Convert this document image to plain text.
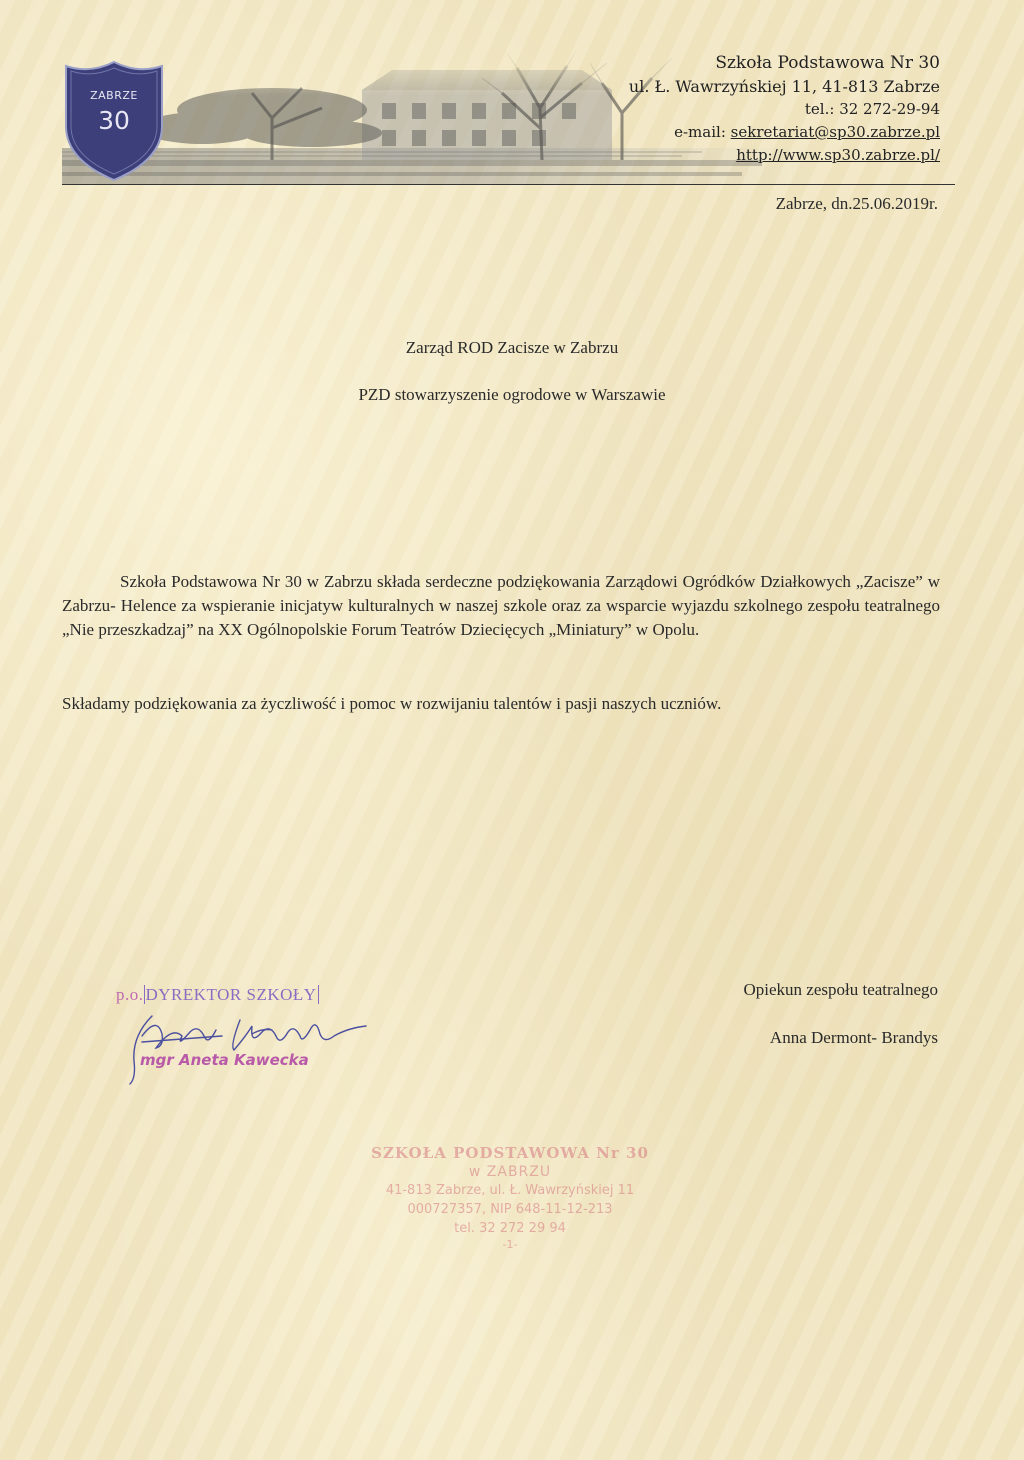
ZABRZE
30
Szkoła Podstawowa Nr 30
ul. Ł. Wawrzyńskiej 11, 41-813 Zabrze
tel.: 32 272-29-94
e-mail: sekretariat@sp30.zabrze.pl
http://www.sp30.zabrze.pl/
Zabrze, dn.25.06.2019r.
Zarząd ROD Zacisze w Zabrzu
PZD stowarzyszenie ogrodowe w Warszawie

Szkoła Podstawowa Nr 30 w Zabrzu składa serdeczne podziękowania Zarządowi Ogródków Działkowych „Zacisze” w Zabrzu- Helence za wspieranie inicjatyw kulturalnych w naszej szkole oraz za wsparcie wyjazdu szkolnego zespołu teatralnego „Nie przeszkadzaj” na XX Ogólnopolskie Forum Teatrów Dziecięcych „Miniatury” w Opolu.

Składamy podziękowania za życzliwość i pomoc w rozwijaniu talentów i pasji naszych uczniów.
p.o. DYREKTOR SZKOŁY
mgr Aneta Kawecka
Opiekun zespołu teatralnego
Anna Dermont- Brandys
SZKOŁA PODSTAWOWA Nr 30
w ZABRZU
41-813 Zabrze, ul. Ł. Wawrzyńskiej 11
000727357, NIP 648-11-12-213
tel. 32 272 29 94
-1-
